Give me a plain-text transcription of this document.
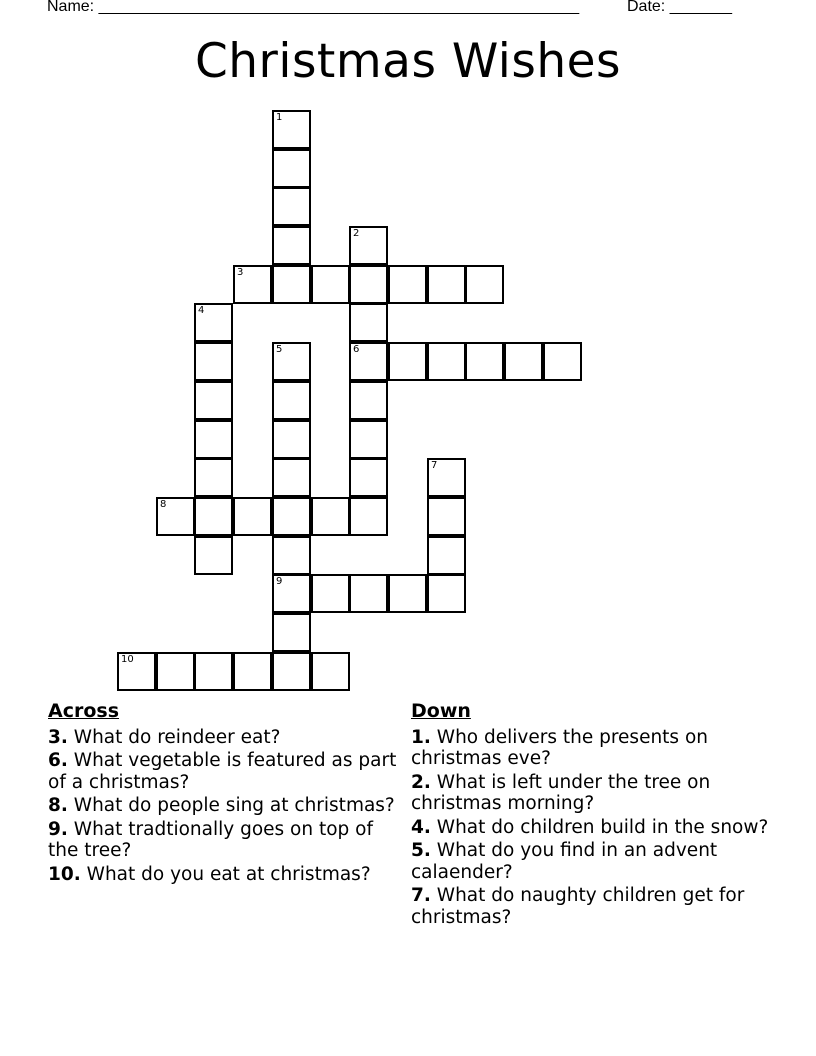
Name: ______________________________________________________	Date: _______
Christmas Wishes
1
2
6
3
4
5
9
7
8
10
Across
3. What do reindeer eat?
6. What vegetable is featured as part of a christmas?
8. What do people sing at christmas?
9. What tradtionally goes on top of the tree?
10. What do you eat at christmas?
Down
1. Who delivers the presents on christmas eve?
2. What is left under the tree on christmas morning?
4. What do children build in the snow?
5. What do you find in an advent calaender?
7. What do naughty children get for christmas?
